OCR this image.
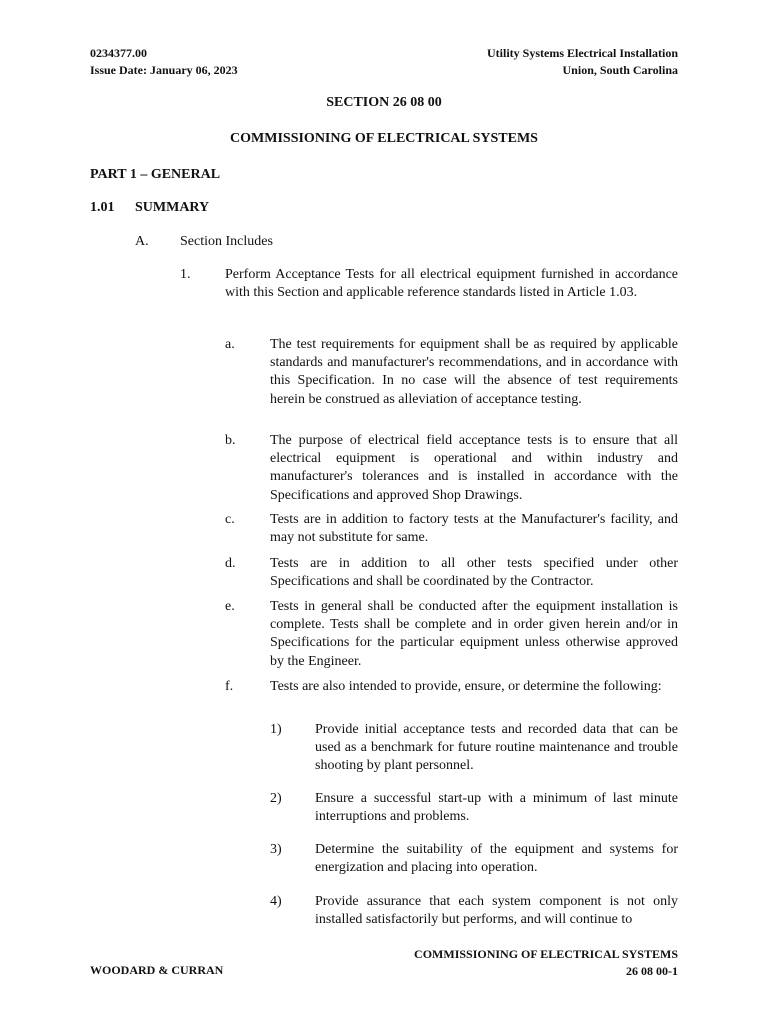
0234377.00
Issue Date: January 06, 2023
Utility Systems Electrical Installation
Union, South Carolina
SECTION 26 08 00
COMMISSIONING OF ELECTRICAL SYSTEMS
PART 1 – GENERAL
1.01 SUMMARY
A. Section Includes
1. Perform Acceptance Tests for all electrical equipment furnished in accordance with this Section and applicable reference standards listed in Article 1.03.
a.	The test requirements for equipment shall be as required by applicable standards and manufacturer's recommendations, and in accordance with this Specification. In no case will the absence of test requirements herein be construed as alleviation of acceptance testing.
b. The purpose of electrical field acceptance tests is to ensure that all electrical equipment is operational and within industry and manufacturer's tolerances and is installed in accordance with the Specifications and approved Shop Drawings.
c.	Tests are in addition to factory tests at the Manufacturer's facility, and may not substitute for same.
d. Tests are in addition to all other tests specified under other Specifications and shall be coordinated by the Contractor.
e.	Tests in general shall be conducted after the equipment installation is complete. Tests shall be complete and in order given herein and/or in Specifications for the particular equipment unless otherwise approved by the Engineer.
f.	Tests are also intended to provide, ensure, or determine the following:
1) Provide initial acceptance tests and recorded data that can be used as a benchmark for future routine maintenance and trouble shooting by plant personnel.
2) Ensure a successful start-up with a minimum of last minute interruptions and problems.
3) Determine the suitability of the equipment and systems for energization and placing into operation.
4) Provide assurance that each system component is not only installed satisfactorily but performs, and will continue to
COMMISSIONING OF ELECTRICAL SYSTEMS
26 08 00-1
WOODARD & CURRAN
